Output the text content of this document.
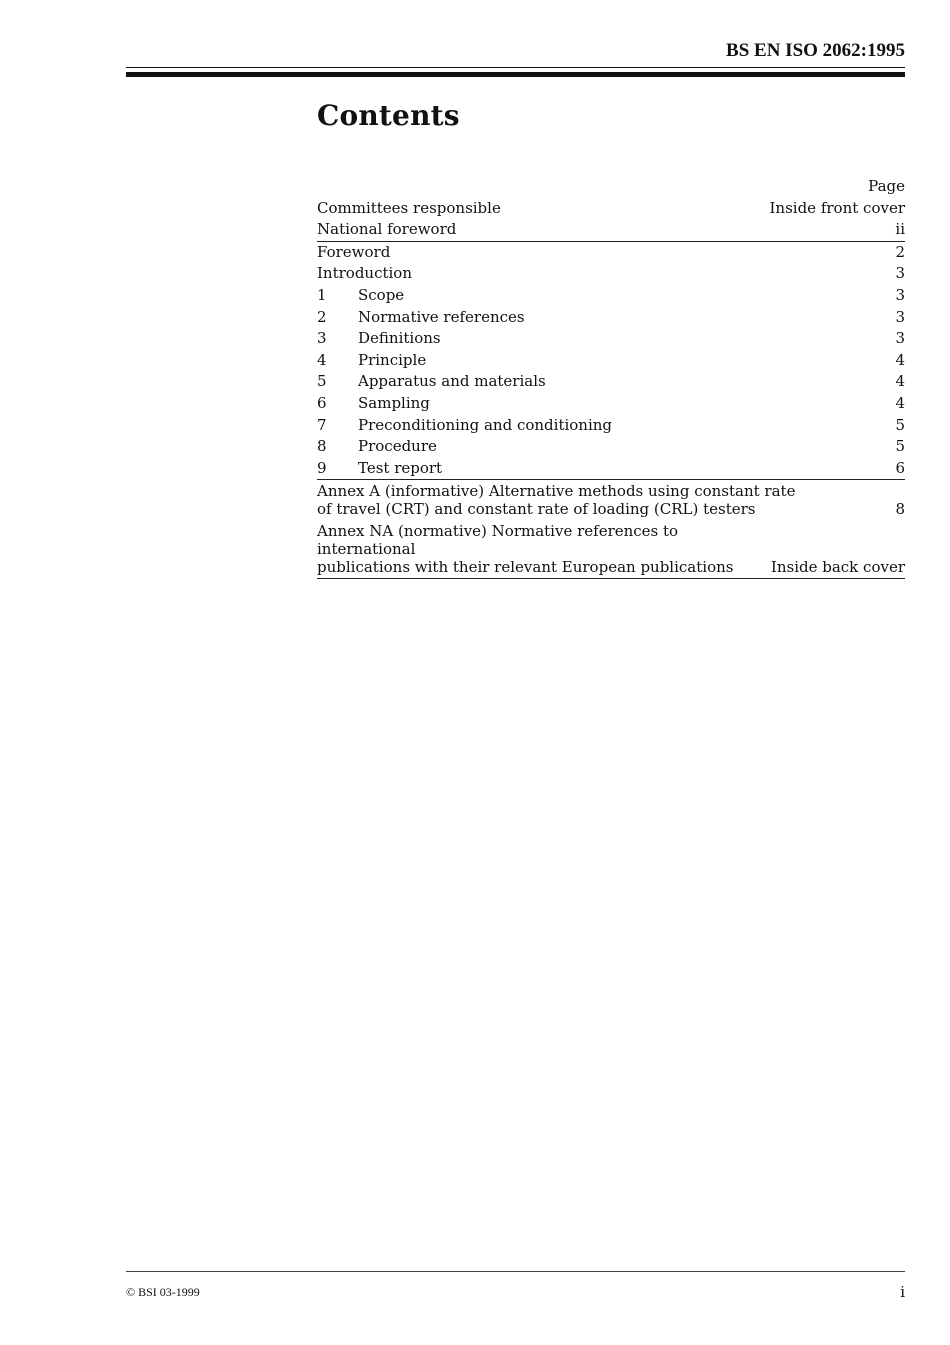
BS EN ISO 2062:1995
Contents
Page
Committees responsible	Inside front cover
National foreword	ii
Foreword	2
Introduction	3
1 Scope	3
2 Normative references	3
3 Definitions	3
4 Principle	4
5 Apparatus and materials	4
6 Sampling	4
7 Preconditioning and conditioning	5
8 Procedure	5
9 Test report	6
Annex A (informative) Alternative methods using constant rate
of travel (CRT) and constant rate of loading (CRL) testers	8
Annex NA (normative) Normative references to international
publications with their relevant European publications	Inside back cover
© BSI 03-1999	i
